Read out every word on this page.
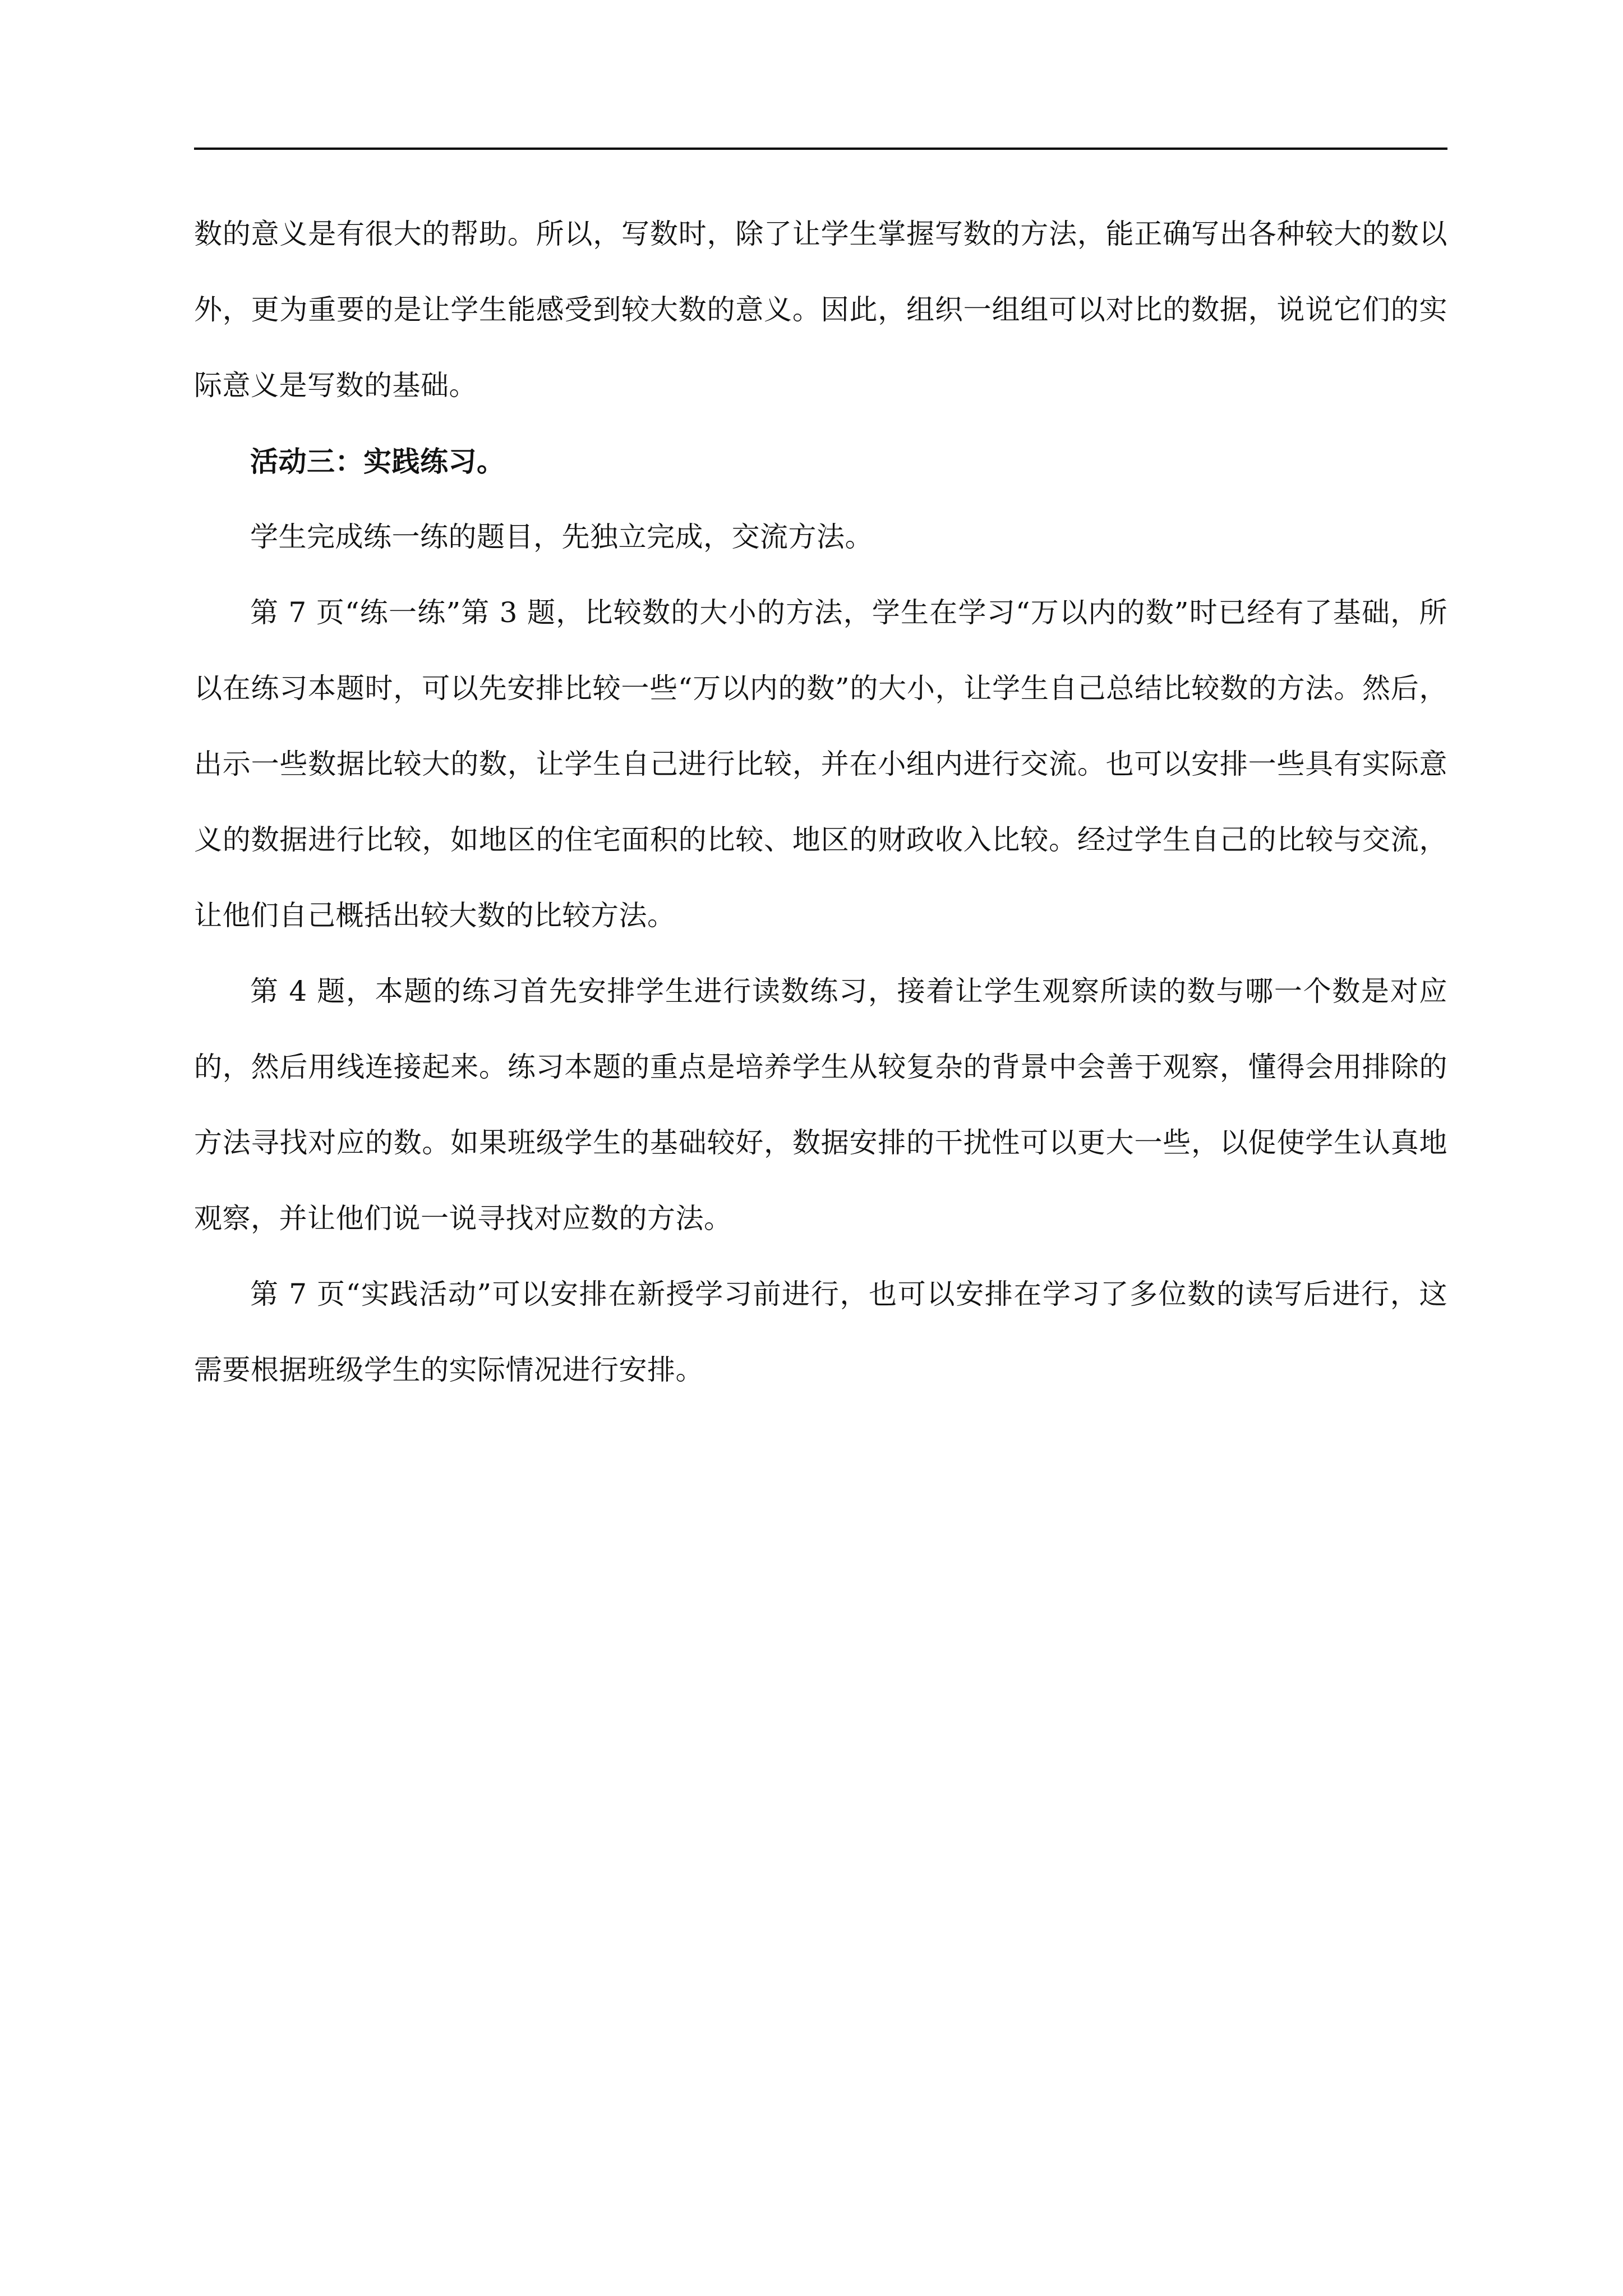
数的意义是有很大的帮助。所以，写数时，除了让学生掌握写数的方法，能正确写出各种较大的数以外，更为重要的是让学生能感受到较大数的意义。因此，组织一组组可以对比的数据，说说它们的实际意义是写数的基础。

活动三：实践练习。

学生完成练一练的题目，先独立完成，交流方法。

第 7 页“练一练”第 3 题，比较数的大小的方法，学生在学习“万以内的数”时已经有了基础，所以在练习本题时，可以先安排比较一些“万以内的数”的大小，让学生自己总结比较数的方法。然后，出示一些数据比较大的数，让学生自己进行比较，并在小组内进行交流。也可以安排一些具有实际意义的数据进行比较，如地区的住宅面积的比较、地区的财政收入比较。经过学生自己的比较与交流，让他们自己概括出较大数的比较方法。

第 4 题，本题的练习首先安排学生进行读数练习，接着让学生观察所读的数与哪一个数是对应的，然后用线连接起来。练习本题的重点是培养学生从较复杂的背景中会善于观察，懂得会用排除的方法寻找对应的数。如果班级学生的基础较好，数据安排的干扰性可以更大一些，以促使学生认真地观察，并让他们说一说寻找对应数的方法。

第 7 页“实践活动”可以安排在新授学习前进行，也可以安排在学习了多位数的读写后进行，这需要根据班级学生的实际情况进行安排。
